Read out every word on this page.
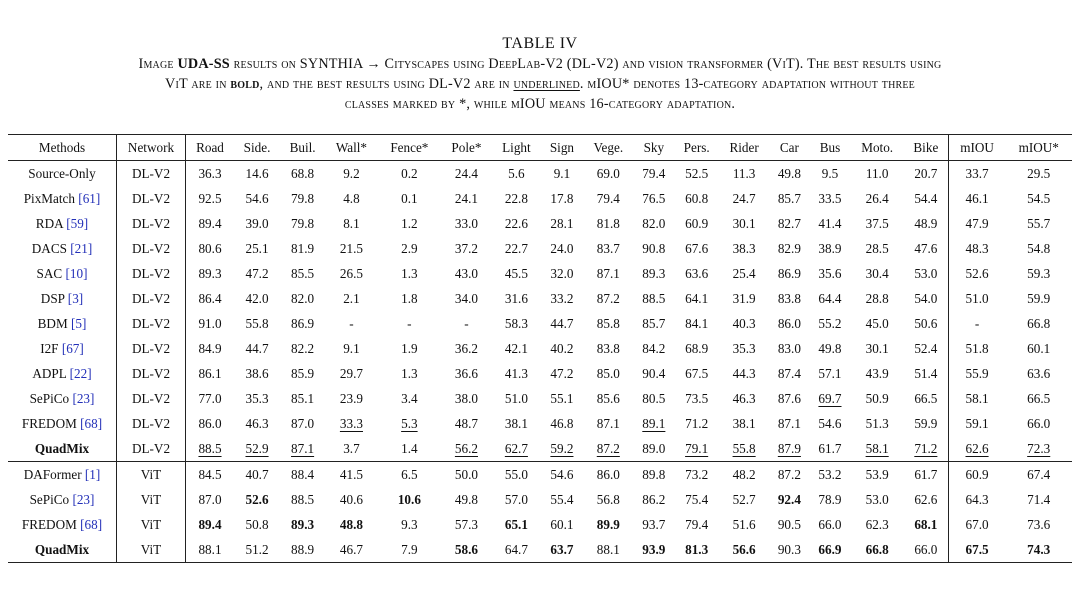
TABLE IV
Image UDA-SS results on SYNTHIA → Cityscapes using DeepLab-V2 (DL-V2) and vision transformer (ViT). The best results using
ViT are in bold, and the best results using DL-V2 are in underlined. mIOU* denotes 13-category adaptation without three
classes marked by *, while mIOU means 16-category adaptation.
Methods	Network	Road	Side.	Buil.	Wall*	Fence*	Pole*	Light	Sign	Vege.	Sky	Pers.	Rider	Car	Bus	Moto.	Bike	mIOU	mIOU*
Source-Only	DL-V2	36.3	14.6	68.8	9.2	0.2	24.4	5.6	9.1	69.0	79.4	52.5	11.3	49.8	9.5	11.0	20.7	33.7	29.5
PixMatch [61]	DL-V2	92.5	54.6	79.8	4.8	0.1	24.1	22.8	17.8	79.4	76.5	60.8	24.7	85.7	33.5	26.4	54.4	46.1	54.5
RDA [59]	DL-V2	89.4	39.0	79.8	8.1	1.2	33.0	22.6	28.1	81.8	82.0	60.9	30.1	82.7	41.4	37.5	48.9	47.9	55.7
DACS [21]	DL-V2	80.6	25.1	81.9	21.5	2.9	37.2	22.7	24.0	83.7	90.8	67.6	38.3	82.9	38.9	28.5	47.6	48.3	54.8
SAC [10]	DL-V2	89.3	47.2	85.5	26.5	1.3	43.0	45.5	32.0	87.1	89.3	63.6	25.4	86.9	35.6	30.4	53.0	52.6	59.3
DSP [3]	DL-V2	86.4	42.0	82.0	2.1	1.8	34.0	31.6	33.2	87.2	88.5	64.1	31.9	83.8	64.4	28.8	54.0	51.0	59.9
BDM [5]	DL-V2	91.0	55.8	86.9	-	-	-	58.3	44.7	85.8	85.7	84.1	40.3	86.0	55.2	45.0	50.6	-	66.8
I2F [67]	DL-V2	84.9	44.7	82.2	9.1	1.9	36.2	42.1	40.2	83.8	84.2	68.9	35.3	83.0	49.8	30.1	52.4	51.8	60.1
ADPL [22]	DL-V2	86.1	38.6	85.9	29.7	1.3	36.6	41.3	47.2	85.0	90.4	67.5	44.3	87.4	57.1	43.9	51.4	55.9	63.6
SePiCo [23]	DL-V2	77.0	35.3	85.1	23.9	3.4	38.0	51.0	55.1	85.6	80.5	73.5	46.3	87.6	69.7	50.9	66.5	58.1	66.5
FREDOM [68]	DL-V2	86.0	46.3	87.0	33.3	5.3	48.7	38.1	46.8	87.1	89.1	71.2	38.1	87.1	54.6	51.3	59.9	59.1	66.0
QuadMix	DL-V2	88.5	52.9	87.1	3.7	1.4	56.2	62.7	59.2	87.2	89.0	79.1	55.8	87.9	61.7	58.1	71.2	62.6	72.3
DAFormer [1]	ViT	84.5	40.7	88.4	41.5	6.5	50.0	55.0	54.6	86.0	89.8	73.2	48.2	87.2	53.2	53.9	61.7	60.9	67.4
SePiCo [23]	ViT	87.0	52.6	88.5	40.6	10.6	49.8	57.0	55.4	56.8	86.2	75.4	52.7	92.4	78.9	53.0	62.6	64.3	71.4
FREDOM [68]	ViT	89.4	50.8	89.3	48.8	9.3	57.3	65.1	60.1	89.9	93.7	79.4	51.6	90.5	66.0	62.3	68.1	67.0	73.6
QuadMix	ViT	88.1	51.2	88.9	46.7	7.9	58.6	64.7	63.7	88.1	93.9	81.3	56.6	90.3	66.9	66.8	66.0	67.5	74.3
